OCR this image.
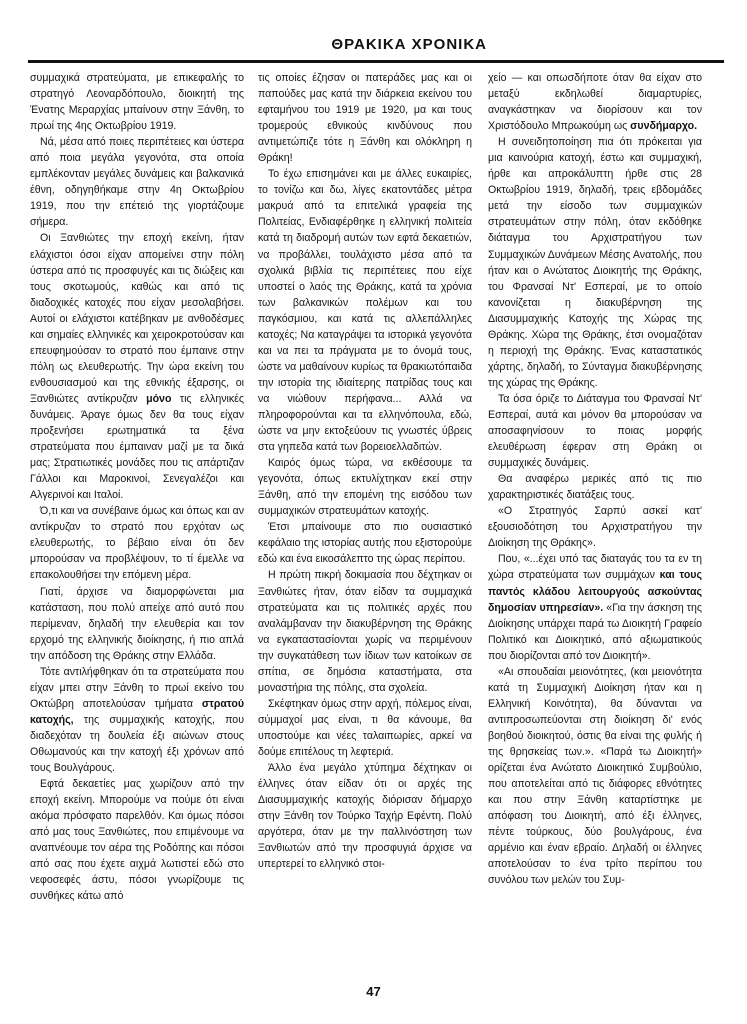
ΘΡΑΚΙΚΑ ΧΡΟΝΙΚΑ

συμμαχικά στρατεύματα, με επικεφαλής το στρατηγό Λεοναρδόπουλο, διοικητή της Ένατης Μεραρχίας μπαίνουν στην Ξάνθη, το πρωί της 4ης Οκτωβρίου 1919.

Νά, μέσα από ποιες περιπέτειες και ύστερα από ποια μεγάλα γεγονότα, στα οποία εμπλέκονταν μεγάλες δυνάμεις και βαλκανικά έθνη, οδηγηθήκαμε στην 4η Οκτωβρίου 1919, που την επέτειό της γιορτάζουμε σήμερα.

Οι Ξανθιώτες την εποχή εκείνη, ήταν ελάχιστοι όσοι είχαν απομείνει στην πόλη ύστερα από τις προσφυγές και τις διώξεις και τους σκοτωμούς, καθώς και από τις διαδοχικές κατοχές που είχαν μεσολαβήσει. Αυτοί οι ελάχιστοι κατέβηκαν με ανθοδέσμες και σημαίες ελληνικές και χειροκροτούσαν και επευφημούσαν το στρατό που έμπαινε στην πόλη ως ελευθερωτής. Την ώρα εκείνη του ενθουσιασμού και της εθνικής έξαρσης, οι Ξανθιώτες αντίκρυζαν μόνο τις ελληνικές δυνάμεις. Άραγε όμως δεν θα τους είχαν προξενήσει ερωτηματικά τα ξένα στρατεύματα που έμπαιναν μαζί με τα δικά μας; Στρατιωτικές μονάδες που τις απάρτιζαν Γάλλοι και Μαροκινοί, Σενεγαλέζοι και Αλγερινοί και Ιταλοί.

Ό,τι και να συνέβαινε όμως και όπως και αν αντίκρυζαν το στρατό που ερχόταν ως ελευθερωτής, το βέβαιο είναι ότι δεν μπορούσαν να προβλέψουν, το τί έμελλε να επακολουθήσει την επόμενη μέρα.

Γιατί, άρχισε να διαμορφώνεται μια κατάσταση, που πολύ απείχε από αυτό που περίμεναν, δηλαδή την ελευθερία και τον ερχομό της ελληνικής διοίκησης, ή πιο απλά την απόδοση της Θράκης στην Ελλάδα.

Τότε αντιλήφθηκαν ότι τα στρατεύματα που είχαν μπει στην Ξάνθη το πρωί εκείνο του Οκτώβρη αποτελούσαν τμήματα στρατού κατοχής, της συμμαχικής κατοχής, που διαδεχόταν τη δουλεία έξι αιώνων στους Οθωμανούς και την κατοχή έξι χρόνων από τους Βουλγάρους.

Εφτά δεκαετίες μας χωρίζουν από την εποχή εκείνη. Μπορούμε να πούμε ότι είναι ακόμα πρόσφατο παρελθόν. Και όμως πόσοι από μας τους Ξανθιώτες, που επιμένουμε να αναπνέουμε τον αέρα της Ροδόπης και πόσοι από σας που έχετε αιχμά λωτιστεί εδώ στο νεφοσεφές άστυ, πόσοι γνωρίζουμε τις συνθήκες κάτω από

τις οποίες έζησαν οι πατεράδες μας και οι παπούδες μας κατά την διάρκεια εκείνου του εφταμήνου του 1919 με 1920, μα και τους τρομερούς εθνικούς κινδύνους που αντιμετώπιζε τότε η Ξάνθη και ολόκληρη η Θράκη!

Το έχω επισημάνει και με άλλες ευκαιρίες, το τονίζω και δω, λίγες εκατοντάδες μέτρα μακρυά από τα επιτελικά γραφεία της Πολιτείας, Ενδιαφέρθηκε η ελληνική πολιτεία κατά τη διαδρομή αυτών των εφτά δεκαετιών, να προβάλλει, τουλάχιστο μέσα από τα σχολικά βιβλία τις περιπέτειες που είχε υποστεί ο λαός της Θράκης, κατά τα χρόνια των βαλκανικών πολέμων και του παγκόσμιου, και κατά τις αλλεπάλληλες κατοχές; Να καταγράψει τα ιστορικά γεγονότα και να πει τα πράγματα με το όνομά τους, ώστε να μαθαίνουν κυρίως τα θρακιωτόπαιδα την ιστορία της ιδιαίτερης πατρίδας τους και να νιώθουν περήφανα... Αλλά να πληροφορούνται και τα ελληνόπουλα, εδώ, ώστε να μην εκτοξεύουν τις γνωστές ύβρεις στα γηπεδα κατά των βορειοελλαδιτών.

Καιρός όμως τώρα, να εκθέσουμε τα γεγονότα, όπως εκτυλίχτηκαν εκεί στην Ξάνθη, από την επομένη της εισόδου των συμμαχικών στρατευμάτων κατοχής.

Έτσι μπαίνουμε στο πιο ουσιαστικό κεφάλαιο της ιστορίας αυτής που εξιστορούμε εδώ και ένα εικοσάλεπτο της ώρας περίπου.

Η πρώτη πικρή δοκιμασία που δέχτηκαν οι Ξανθιώτες ήταν, όταν είδαν τα συμμαχικά στρατεύματα και τις πολιτικές αρχές που αναλάμβαναν την διακυβέρνηση της Θράκης να εγκαταστασίονται χωρίς να περιμένουν την συγκατάθεση των ίδιων των κατοίκων σε σπίτια, σε δημόσια καταστήματα, στα μοναστήρια της πόλης, στα σχολεία.

Σκέφτηκαν όμως στην αρχή, πόλεμος είναι, σύμμαχοί μας είναι, τι θα κάνουμε, θα υποστούμε και νέες ταλαιπωρίες, αρκεί να δούμε επιτέλους τη λεφτεριά.

Άλλο ένα μεγάλο χτύπημα δέχτηκαν οι έλληνες όταν είδαν ότι οι αρχές της Διασυμμαχικής κατοχής διόρισαν δήμαρχο στην Ξάνθη τον Τούρκο Ταχήρ Εφέντη. Πολύ αργότερα, όταν με την παλλινόστηση των Ξανθιωτών από την προσφυγιά άρχισε να υπερτερεί το ελληνικό στοι-

χείο — και οπωσδήποτε όταν θα είχαν στο μεταξύ εκδηλωθεί διαμαρτυρίες, αναγκάστηκαν να διορίσουν και τον Χριστόδουλο Μπρωκούμη ως συνδήμαρχο.

Η συνειδητοποίηση πια ότι πρόκειται για μια καινούρια κατοχή, έστω και συμμαχική, ήρθε και απροκάλυπτη ήρθε στις 28 Οκτωβρίου 1919, δηλαδή, τρεις εβδομάδες μετά την είσοδο των συμμαχικών στρατευμάτων στην πόλη, όταν εκδόθηκε διάταγμα του Αρχιστρατήγου των Συμμαχικών Δυνάμεων Μέσης Ανατολής, που ήταν και ο Ανώτατος Διοικητής της Θράκης, του Φρανσαί Ντ' Εσπεραί, με το οποίο κανονίζεται η διακυβέρνηση της Διασυμμαχικής Κατοχής της Χώρας της Θράκης. Χώρα της Θράκης, έτσι ονομαζόταν η περιοχή της Θράκης. Ένας καταστατικός χάρτης, δηλαδή, το Σύνταγμα διακυβέρνησης της χώρας της Θράκης.

Τα όσα όριζε το Διάταγμα του Φρανσαί Ντ' Εσπεραί, αυτά και μόνον θα μπορούσαν να αποσαφηνίσουν το ποιας μορφής ελευθέρωση έφεραν στη Θράκη οι συμμαχικές δυνάμεις.

Θα αναφέρω μερικές από τις πιο χαρακτηριστικές διατάξεις τους.

«Ο Στρατηγός Σαρπύ ασκεί κατ' εξουσιοδότηση του Αρχιστρατήγου την Διοίκηση της Θράκης».

Που, «...έχει υπό τας διαταγάς του τα εν τη χώρα στρατεύματα των συμμάχων και τους παντός κλάδου λειτουργούς ασκούντας δημοσίαν υπηρεσίαν». «Για την άσκηση της Διοίκησης υπάρχει παρά τω Διοικητή Γραφείο Πολιτικό και Διοικητικό, από αξιωματικούς που διορίζονται από τον Διοικητή».

«Αι σπουδαίαι μειονότητες, (και μειονότητα κατά τη Συμμαχική Διοίκηση ήταν και η Ελληνική Κοινότητα), θα δύνανται να αντιπροσωπεύονται στη διοίκηση δι' ενός βοηθού διοικητού, όστις θα είναι της φυλής ή της θρησκείας των.». «Παρά τω Διοικητή» ορίζεται ένα Ανώτατο Διοικητικό Συμβούλιο, που αποτελείται από τις διάφορες εθνότητες και που στην Ξάνθη καταρτίστηκε με απόφαση του Διοικητή, από έξι έλληνες, πέντε τούρκους, δύο βουλγάρους, ένα αρμένιο και έναν εβραίο. Δηλαδή οι έλληνες αποτελούσαν το ένα τρίτο περίπου του συνόλου των μελών του Συμ-

47
